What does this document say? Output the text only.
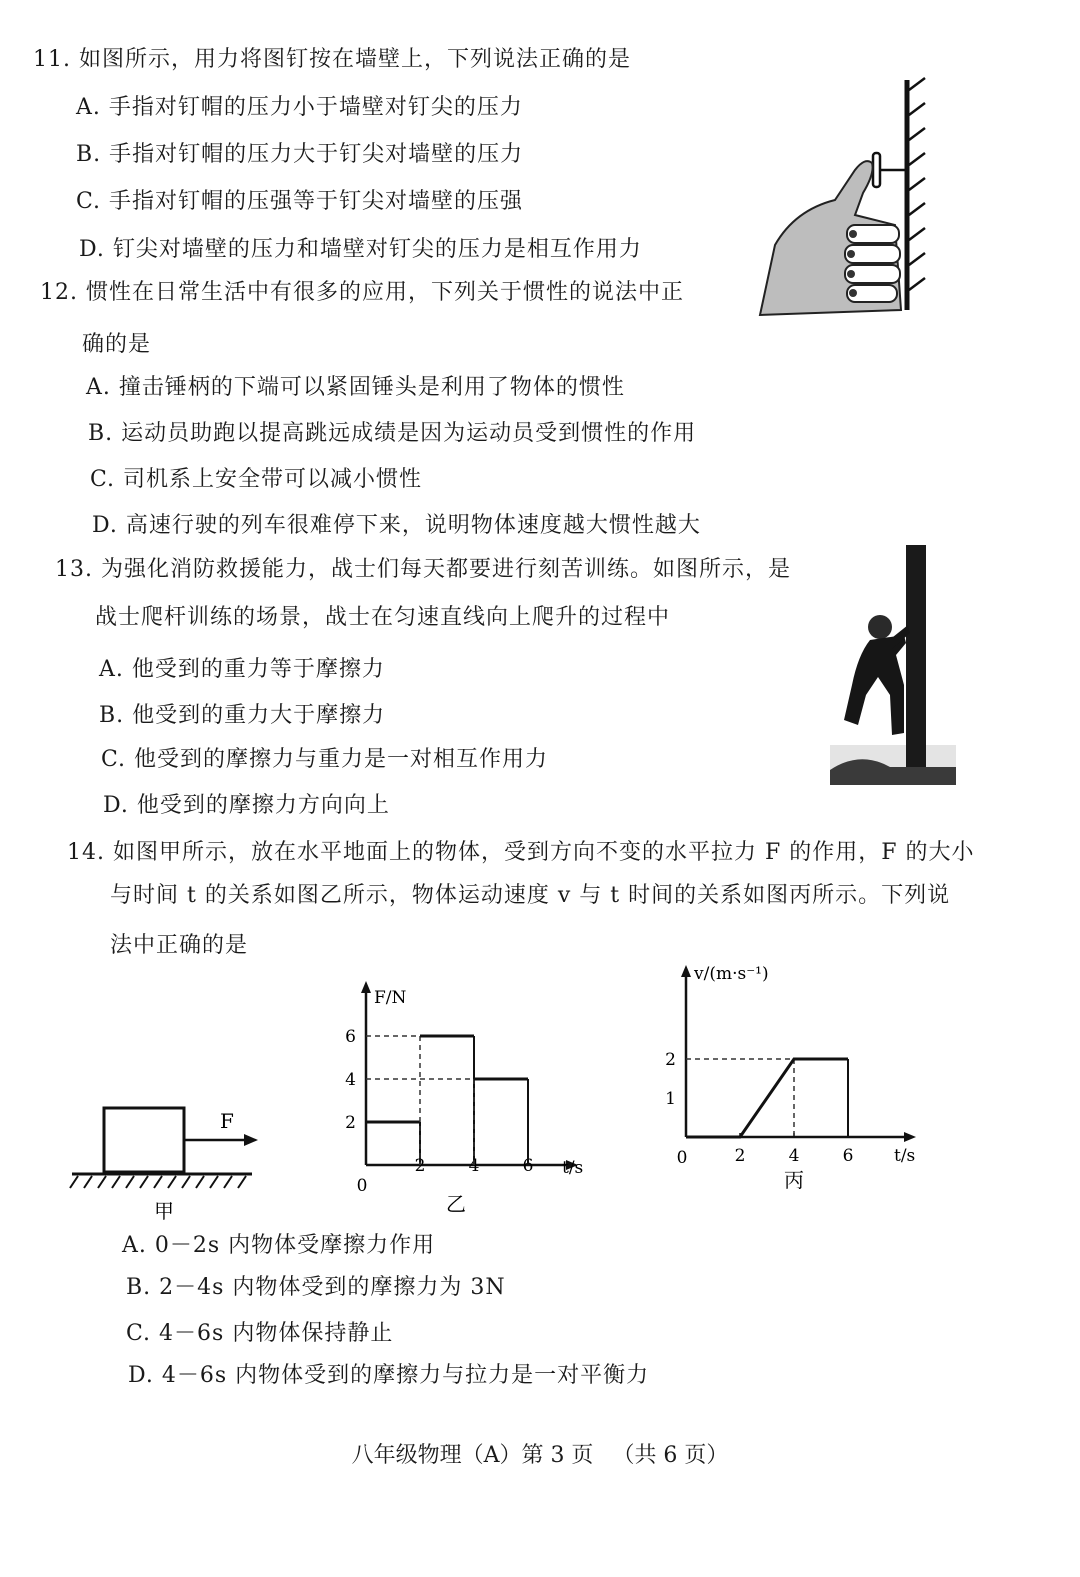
11. 如图所示，用力将图钉按在墙壁上，下列说法正确的是
A. 手指对钉帽的压力小于墙壁对钉尖的压力
B. 手指对钉帽的压力大于钉尖对墙壁的压力
C. 手指对钉帽的压强等于钉尖对墙壁的压强
D. 钉尖对墙壁的压力和墙壁对钉尖的压力是相互作用力
12. 惯性在日常生活中有很多的应用，下列关于惯性的说法中正
确的是
A. 撞击锤柄的下端可以紧固锤头是利用了物体的惯性
B. 运动员助跑以提高跳远成绩是因为运动员受到惯性的作用
C. 司机系上安全带可以减小惯性
D. 高速行驶的列车很难停下来，说明物体速度越大惯性越大
13. 为强化消防救援能力，战士们每天都要进行刻苦训练。如图所示，是
战士爬杆训练的场景，战士在匀速直线向上爬升的过程中
A. 他受到的重力等于摩擦力
B. 他受到的重力大于摩擦力
C. 他受到的摩擦力与重力是一对相互作用力
D. 他受到的摩擦力方向向上
14. 如图甲所示，放在水平地面上的物体，受到方向不变的水平拉力 F 的作用，F 的大小
与时间 t 的关系如图乙所示，物体运动速度 v 与 t 时间的关系如图丙所示。下列说
法中正确的是
F
甲
F/N
t/s
0
2	4	6
2
4
6
乙
v/(m·s⁻¹)
t/s
0	2	4	6
1
2
丙
A. 0－2s 内物体受摩擦力作用
B. 2－4s 内物体受到的摩擦力为 3N
C. 4－6s 内物体保持静止
D. 4－6s 内物体受到的摩擦力与拉力是一对平衡力
八年级物理（A）第 3 页 （共 6 页）
